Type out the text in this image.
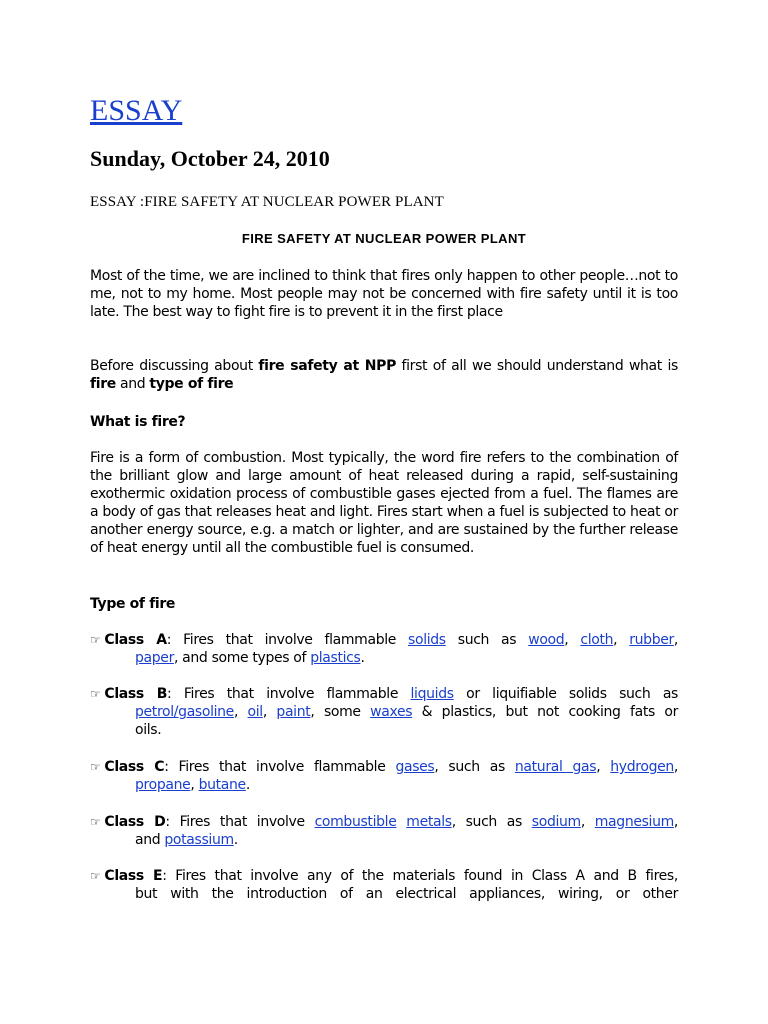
ESSAY
Sunday, October 24, 2010
ESSAY :FIRE SAFETY AT NUCLEAR POWER PLANT
FIRE SAFETY AT NUCLEAR POWER PLANT

Most of the time, we are inclined to think that fires only happen to other people…not to me, not to my home. Most people may not be concerned with fire safety until it is too late. The best way to fight fire is to prevent it in the first place

Before discussing about fire safety at NPP first of all we should understand what is fire and type of fire

What is fire?

Fire is a form of combustion. Most typically, the word fire refers to the combination of the brilliant glow and large amount of heat released during a rapid, self-sustaining exothermic oxidation process of combustible gases ejected from a fuel. The flames are a body of gas that releases heat and light. Fires start when a fuel is subjected to heat or another energy source, e.g. a match or lighter, and are sustained by the further release of heat energy until all the combustible fuel is consumed.

Type of fire
☞ Class A: Fires that involve flammable solids such as wood, cloth, rubber,
paper, and some types of plastics.
☞ Class B: Fires that involve flammable liquids or liquifiable solids such as
petrol/gasoline, oil, paint, some waxes & plastics, but not cooking fats or
oils.
☞ Class C: Fires that involve flammable gases, such as natural gas, hydrogen,
propane, butane.
☞ Class D: Fires that involve combustible metals, such as sodium, magnesium,
and potassium.
☞ Class E: Fires that involve any of the materials found in Class A and B fires,
but with the introduction of an electrical appliances, wiring, or other
